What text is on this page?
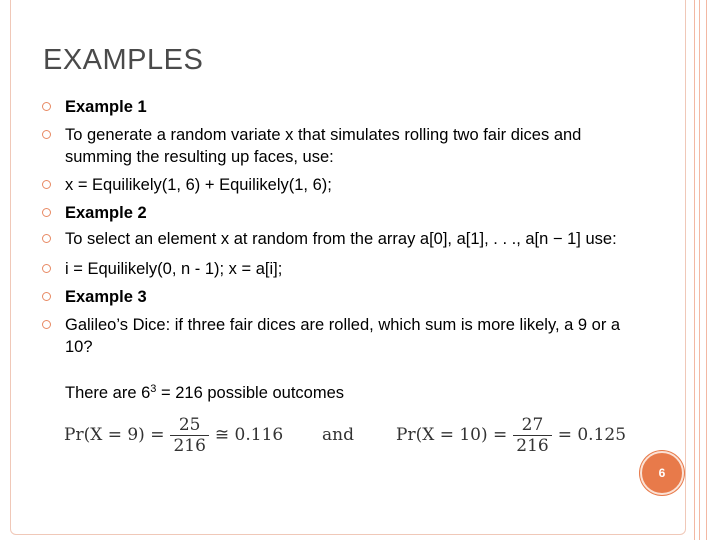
EXAMPLES
Example 1
To generate a random variate x that simulates rolling two fair dices and summing the resulting up faces, use:
x = Equilikely(1, 6) + Equilikely(1, 6);
Example 2
To select an element x at random from the array a[0], a[1], . . ., a[n − 1] use:
i = Equilikely(0, n - 1); x = a[i];
Example 3
Galileo’s Dice: if three fair dices are rolled, which sum is more likely, a 9 or a 10?
There are $6^3 = 216$ possible outcomes
$Pr(X = 9) = \frac{25}{216}$ ≅ 0.116 and $Pr(X = 10) = \frac{27}{216} = 0.125$
6
